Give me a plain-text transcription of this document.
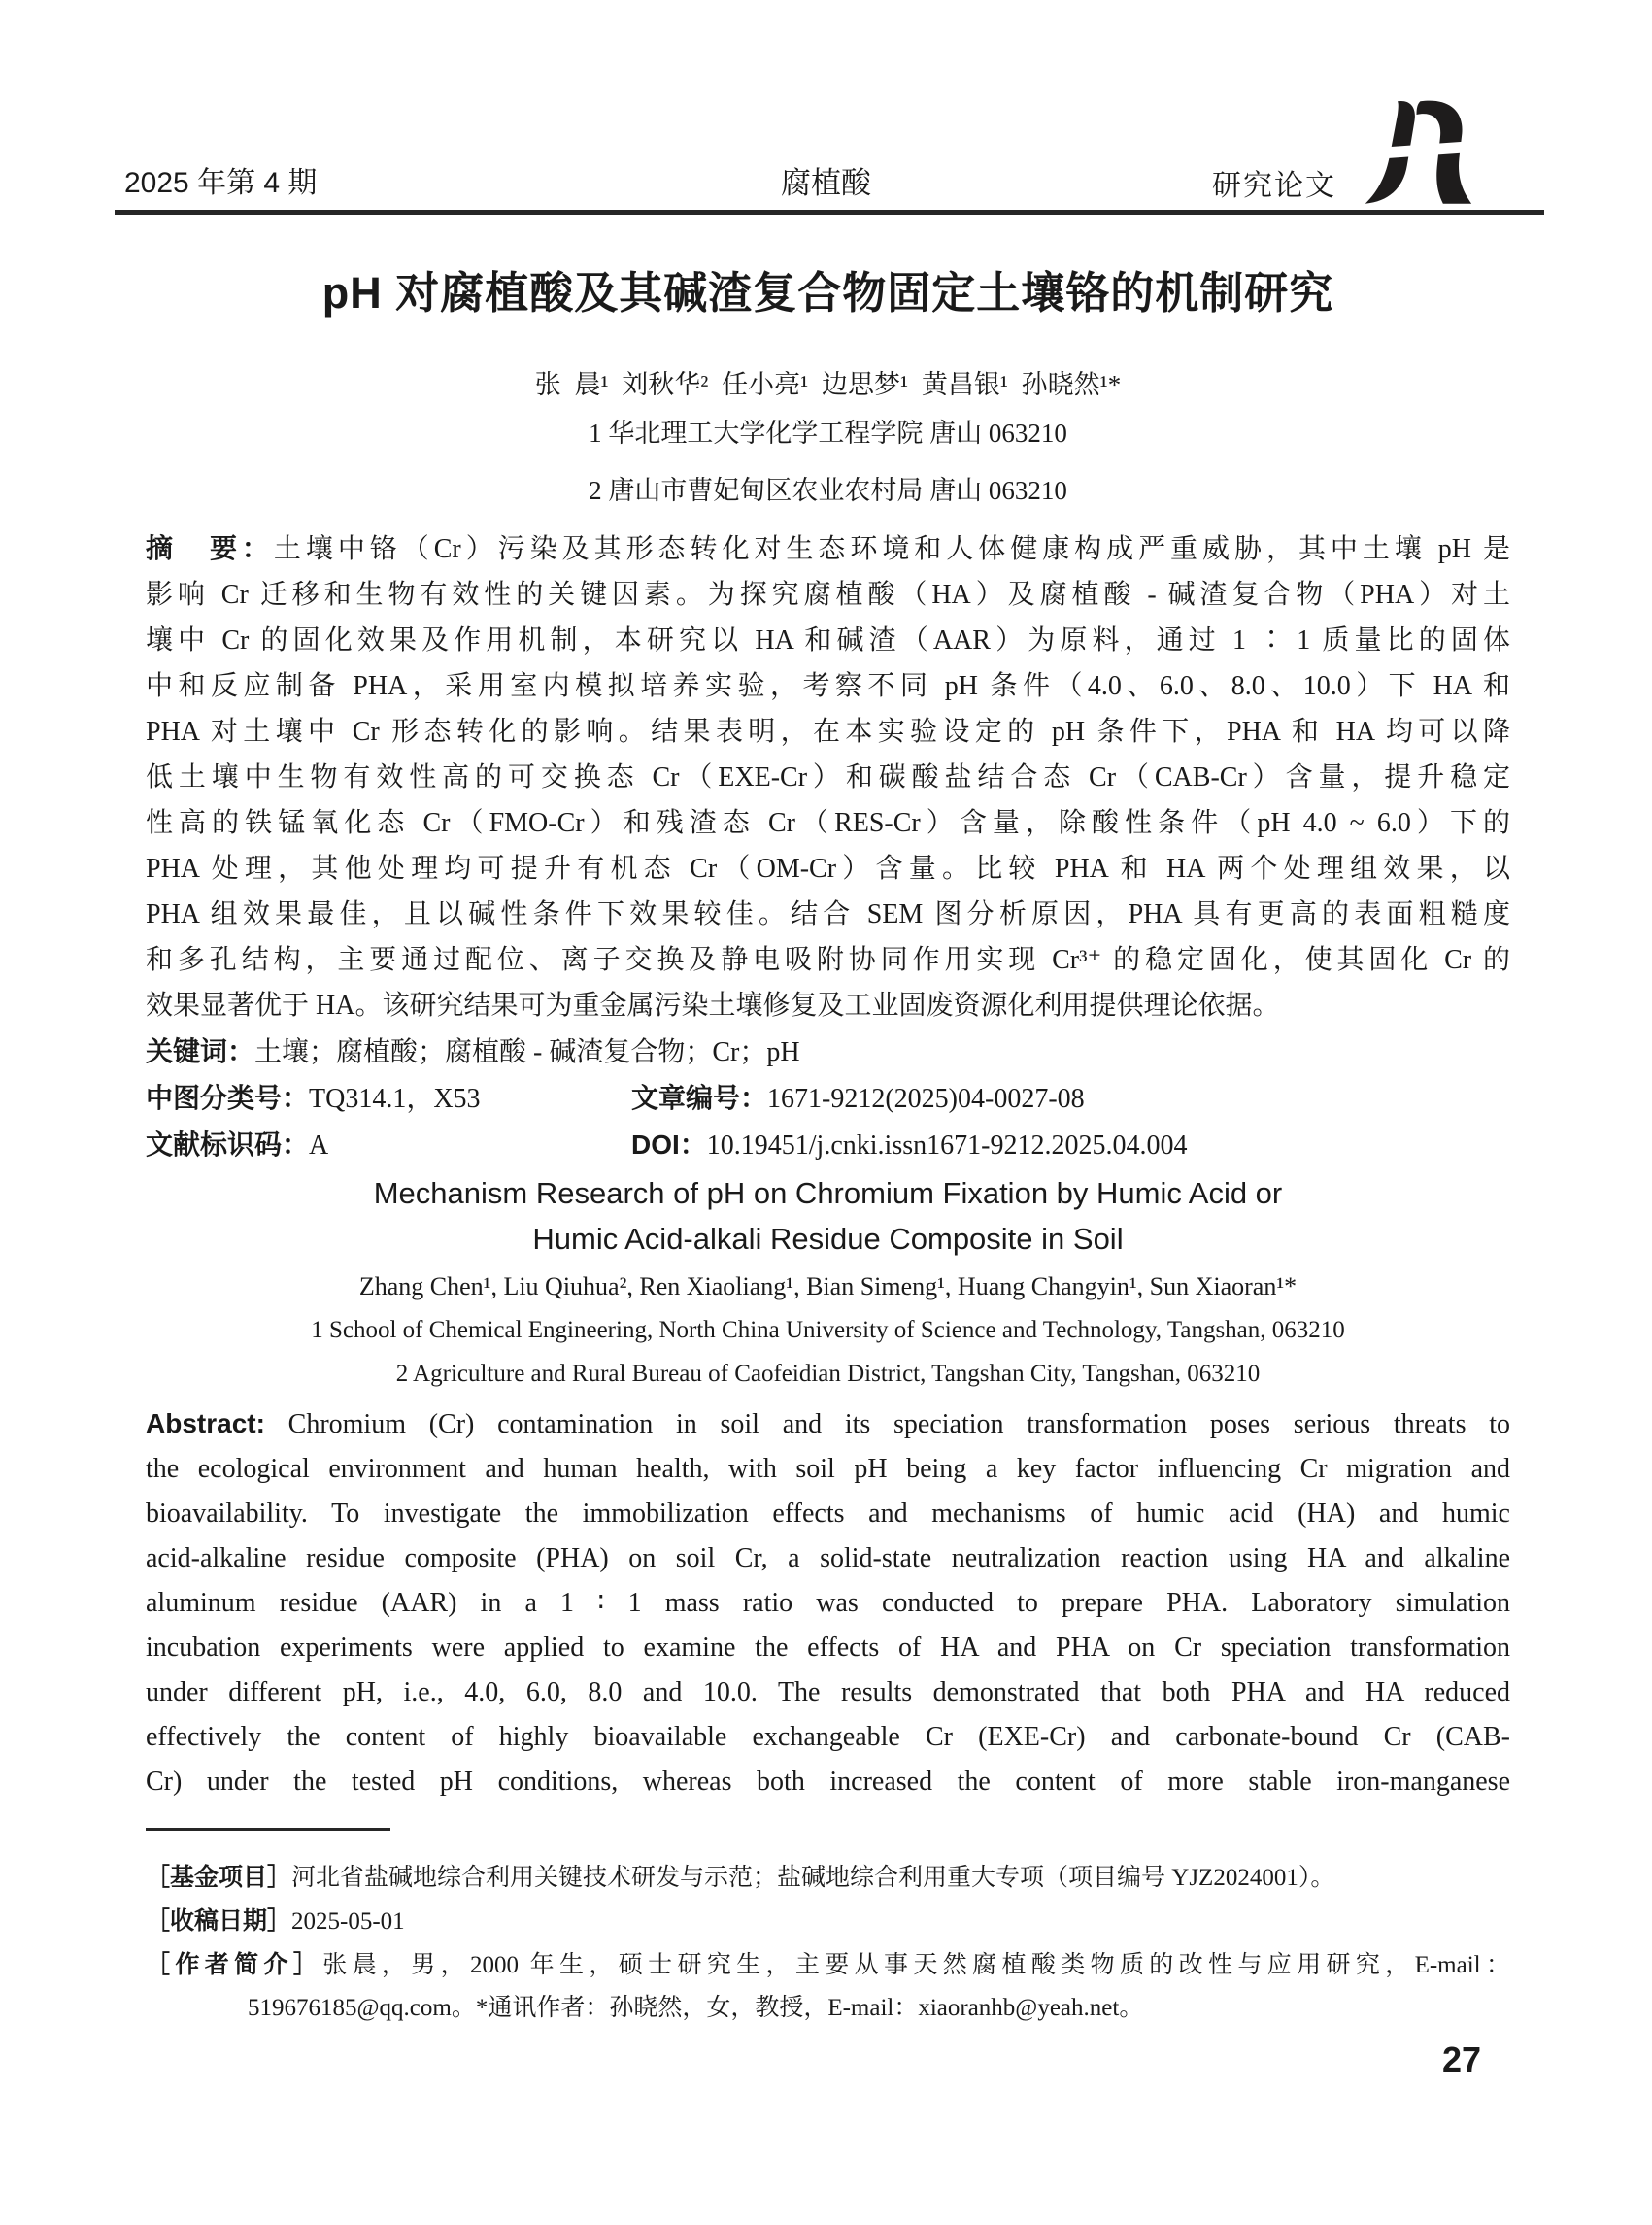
2025 年第 4 期	腐植酸	研究论文
pH 对腐植酸及其碱渣复合物固定土壤铬的机制研究
张 晨¹ 刘秋华² 任小亮¹ 边思梦¹ 黄昌银¹ 孙晓然¹*
1 华北理工大学化学工程学院 唐山 063210
2 唐山市曹妃甸区农业农村局 唐山 063210
摘　要：土壤中铬（Cr）污染及其形态转化对生态环境和人体健康构成严重威胁，其中土壤 pH 是
影响 Cr 迁移和生物有效性的关键因素。为探究腐植酸（HA）及腐植酸 - 碱渣复合物（PHA）对土
壤中 Cr 的固化效果及作用机制，本研究以 HA 和碱渣（AAR）为原料，通过 1 ∶ 1 质量比的固体
中和反应制备 PHA，采用室内模拟培养实验，考察不同 pH 条件（4.0、6.0、8.0、10.0）下 HA 和
PHA 对土壤中 Cr 形态转化的影响。结果表明，在本实验设定的 pH 条件下，PHA 和 HA 均可以降
低土壤中生物有效性高的可交换态 Cr（EXE-Cr）和碳酸盐结合态 Cr（CAB-Cr）含量，提升稳定
性高的铁锰氧化态 Cr（FMO-Cr）和残渣态 Cr（RES-Cr）含量，除酸性条件（pH 4.0 ~ 6.0）下的
PHA 处理，其他处理均可提升有机态 Cr（OM-Cr）含量。比较 PHA 和 HA 两个处理组效果，以
PHA 组效果最佳，且以碱性条件下效果较佳。结合 SEM 图分析原因，PHA 具有更高的表面粗糙度
和多孔结构，主要通过配位、离子交换及静电吸附协同作用实现 Cr³⁺ 的稳定固化，使其固化 Cr 的
效果显著优于 HA。该研究结果可为重金属污染土壤修复及工业固废资源化利用提供理论依据。
关键词：土壤；腐植酸；腐植酸 - 碱渣复合物；Cr；pH
中图分类号：TQ314.1，X53	文章编号：1671-9212(2025)04-0027-08
文献标识码：A	DOI：10.19451/j.cnki.issn1671-9212.2025.04.004
Mechanism Research of pH on Chromium Fixation by Humic Acid or
Humic Acid-alkali Residue Composite in Soil
Zhang Chen¹, Liu Qiuhua², Ren Xiaoliang¹, Bian Simeng¹, Huang Changyin¹, Sun Xiaoran¹*
1 School of Chemical Engineering, North China University of Science and Technology, Tangshan, 063210
2 Agriculture and Rural Bureau of Caofeidian District, Tangshan City, Tangshan, 063210
Abstract: Chromium (Cr) contamination in soil and its speciation transformation poses serious threats to
the ecological environment and human health, with soil pH being a key factor influencing Cr migration and
bioavailability. To investigate the immobilization effects and mechanisms of humic acid (HA) and humic
acid-alkaline residue composite (PHA) on soil Cr, a solid-state neutralization reaction using HA and alkaline
aluminum residue (AAR) in a 1 ∶ 1 mass ratio was conducted to prepare PHA. Laboratory simulation
incubation experiments were applied to examine the effects of HA and PHA on Cr speciation transformation
under different pH, i.e., 4.0, 6.0, 8.0 and 10.0. The results demonstrated that both PHA and HA reduced
effectively the content of highly bioavailable exchangeable Cr (EXE-Cr) and carbonate-bound Cr (CAB-
Cr) under the tested pH conditions, whereas both increased the content of more stable iron-manganese
［基金项目］河北省盐碱地综合利用关键技术研发与示范；盐碱地综合利用重大专项（项目编号 YJZ2024001）。
［收稿日期］2025-05-01
［作者简介］张晨，男，2000 年生，硕士研究生，主要从事天然腐植酸类物质的改性与应用研究，E-mail：519676185@qq.com。*通讯作者：孙晓然，女，教授，E-mail：xiaoranhb@yeah.net。
27
